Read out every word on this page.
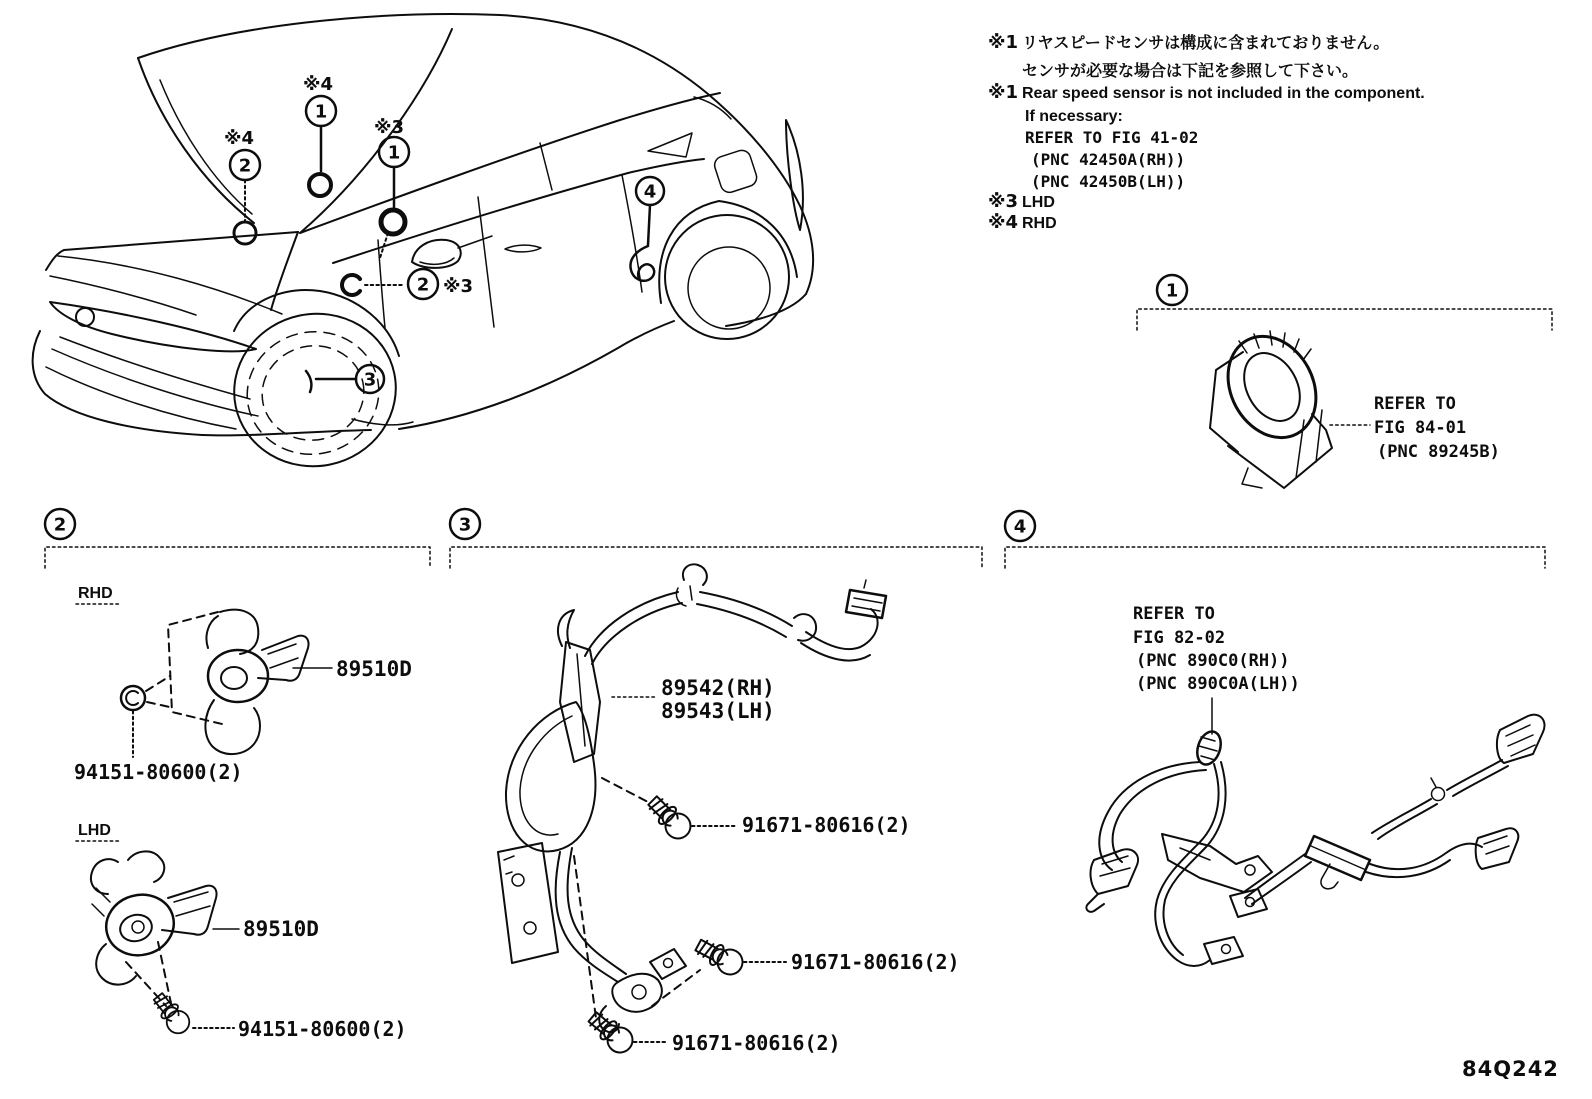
※4
1
※4
2
※3
1
2 ※3
3
4
※1 リヤスピードセンサは構成に含まれておりません。
センサが必要な場合は下記を参照して下さい。
※1 Rear speed sensor is not included in the component.
If necessary:
REFER TO FIG 41-02
(PNC 42450A(RH))
(PNC 42450B(LH))
※3 LHD
※4 RHD
1
REFER TO
FIG 84-01
(PNC 89245B)
2
RHD
89510D
94151-80600(2)
LHD
89510D
94151-80600(2)
3
89542(RH)
89543(LH)
91671-80616(2)
91671-80616(2)
91671-80616(2)
4
REFER TO
FIG 82-02
(PNC 890C0(RH))
(PNC 890C0A(LH))
84Q242
